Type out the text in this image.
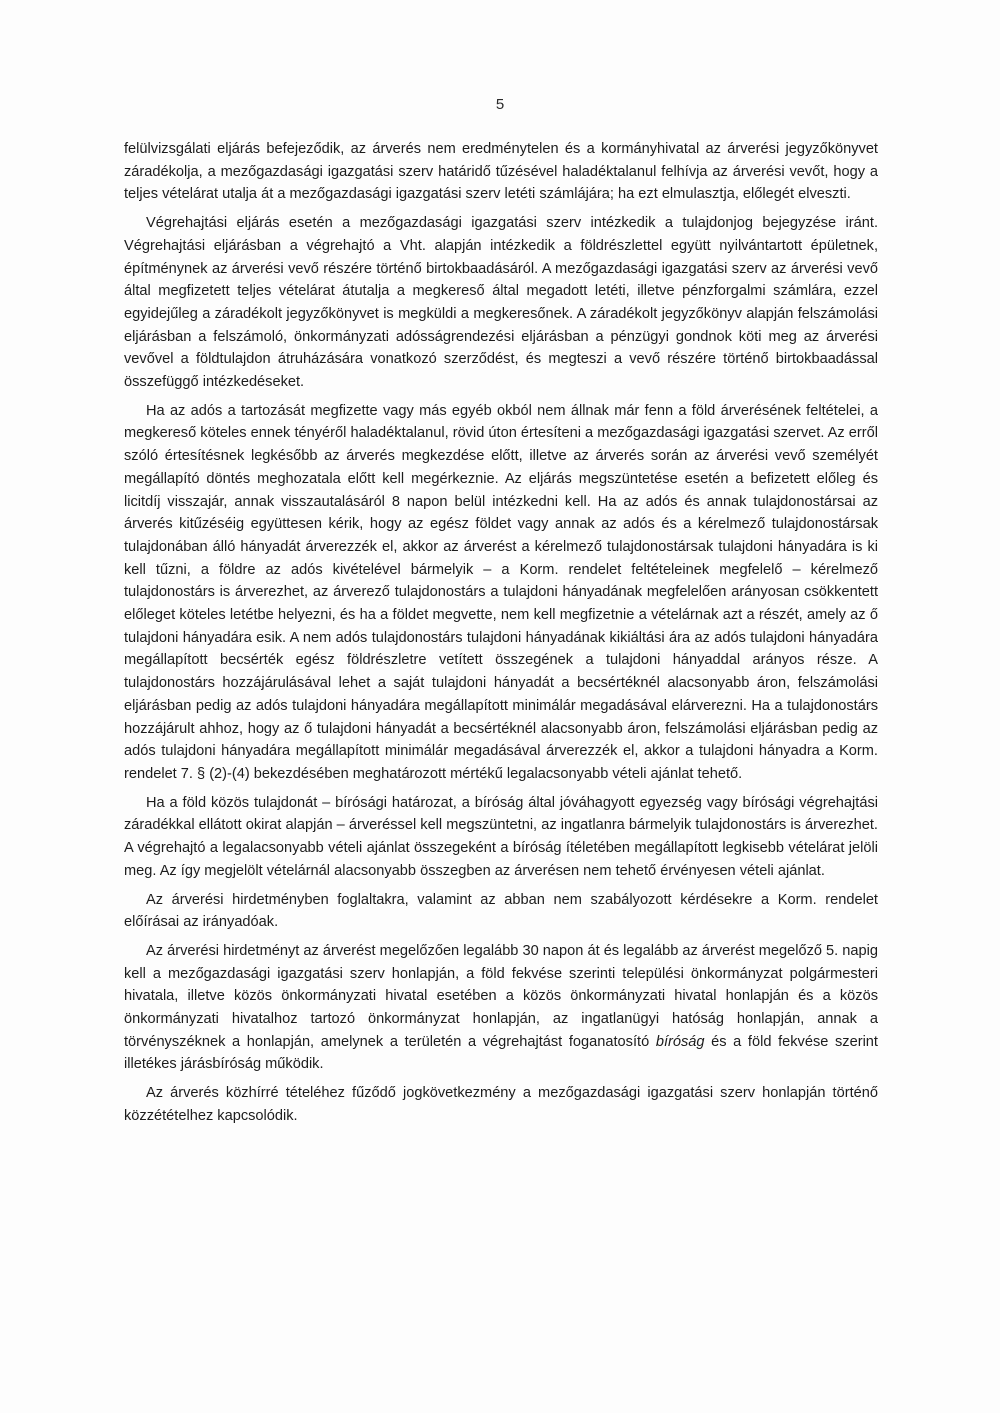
5

felülvizsgálati eljárás befejeződik, az árverés nem eredménytelen és a kormányhivatal az árverési jegyzőkönyvet záradékolja, a mezőgazdasági igazgatási szerv határidő tűzésével haladéktalanul felhívja az árverési vevőt, hogy a teljes vételárat utalja át a mezőgazdasági igazgatási szerv letéti számlájára; ha ezt elmulasztja, előlegét elveszti.

Végrehajtási eljárás esetén a mezőgazdasági igazgatási szerv intézkedik a tulajdonjog bejegyzése iránt. Végrehajtási eljárásban a végrehajtó a Vht. alapján intézkedik a földrészlettel együtt nyilvántartott épületnek, építménynek az árverési vevő részére történő birtokbaadásáról. A mezőgazdasági igazgatási szerv az árverési vevő által megfizetett teljes vételárat átutalja a megkereső által megadott letéti, illetve pénzforgalmi számlára, ezzel egyidejűleg a záradékolt jegyzőkönyvet is megküldi a megkeresőnek. A záradékolt jegyzőkönyv alapján felszámolási eljárásban a felszámoló, önkormányzati adósságrendezési eljárásban a pénzügyi gondnok köti meg az árverési vevővel a földtulajdon átruházására vonatkozó szerződést, és megteszi a vevő részére történő birtokbaadással összefüggő intézkedéseket.

Ha az adós a tartozását megfizette vagy más egyéb okból nem állnak már fenn a föld árverésének feltételei, a megkereső köteles ennek tényéről haladéktalanul, rövid úton értesíteni a mezőgazdasági igazgatási szervet. Az erről szóló értesítésnek legkésőbb az árverés megkezdése előtt, illetve az árverés során az árverési vevő személyét megállapító döntés meghozatala előtt kell megérkeznie. Az eljárás megszüntetése esetén a befizetett előleg és licitdíj visszajár, annak visszautalásáról 8 napon belül intézkedni kell. Ha az adós és annak tulajdonostársai az árverés kitűzéséig együttesen kérik, hogy az egész földet vagy annak az adós és a kérelmező tulajdonostársak tulajdonában álló hányadát árverezzék el, akkor az árverést a kérelmező tulajdonostársak tulajdoni hányadára is ki kell tűzni, a földre az adós kivételével bármelyik – a Korm. rendelet feltételeinek megfelelő – kérelmező tulajdonostárs is árverezhet, az árverező tulajdonostárs a tulajdoni hányadának megfelelően arányosan csökkentett előleget köteles letétbe helyezni, és ha a földet megvette, nem kell megfizetnie a vételárnak azt a részét, amely az ő tulajdoni hányadára esik. A nem adós tulajdonostárs tulajdoni hányadának kikiáltási ára az adós tulajdoni hányadára megállapított becsérték egész földrészletre vetített összegének a tulajdoni hányaddal arányos része. A tulajdonostárs hozzájárulásával lehet a saját tulajdoni hányadát a becsértéknél alacsonyabb áron, felszámolási eljárásban pedig az adós tulajdoni hányadára megállapított minimálár megadásával elárverezni. Ha a tulajdonostárs hozzájárult ahhoz, hogy az ő tulajdoni hányadát a becsértéknél alacsonyabb áron, felszámolási eljárásban pedig az adós tulajdoni hányadára megállapított minimálár megadásával árverezzék el, akkor a tulajdoni hányadra a Korm. rendelet 7. § (2)-(4) bekezdésében meghatározott mértékű legalacsonyabb vételi ajánlat tehető.

Ha a föld közös tulajdonát – bírósági határozat, a bíróság által jóváhagyott egyezség vagy bírósági végrehajtási záradékkal ellátott okirat alapján – árveréssel kell megszüntetni, az ingatlanra bármelyik tulajdonostárs is árverezhet. A végrehajtó a legalacsonyabb vételi ajánlat összegeként a bíróság ítéletében megállapított legkisebb vételárat jelöli meg. Az így megjelölt vételárnál alacsonyabb összegben az árverésen nem tehető érvényesen vételi ajánlat.

Az árverési hirdetményben foglaltakra, valamint az abban nem szabályozott kérdésekre a Korm. rendelet előírásai az irányadóak.

Az árverési hirdetményt az árverést megelőzően legalább 30 napon át és legalább az árverést megelőző 5. napig kell a mezőgazdasági igazgatási szerv honlapján, a föld fekvése szerinti települési önkormányzat polgármesteri hivatala, illetve közös önkormányzati hivatal esetében a közös önkormányzati hivatal honlapján és a közös önkormányzati hivatalhoz tartozó önkormányzat honlapján, az ingatlanügyi hatóság honlapján, annak a törvényszéknek a honlapján, amelynek a területén a végrehajtást foganatosító bíróság és a föld fekvése szerint illetékes járásbíróság működik.

Az árverés közhírré tételéhez fűződő jogkövetkezmény a mezőgazdasági igazgatási szerv honlapján történő közzétételhez kapcsolódik.
